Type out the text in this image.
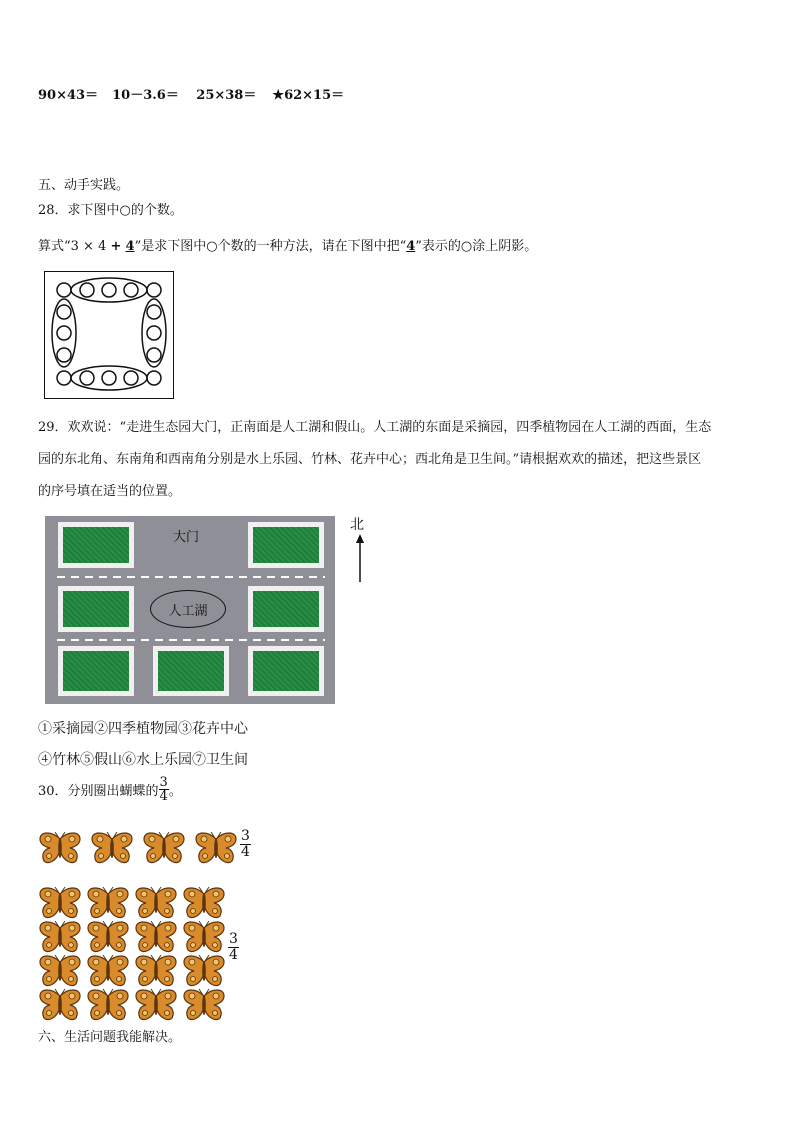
90×43＝ 10－3.6＝ 25×38＝ ★62×15＝
五、动手实践。
28．求下图中○的个数。
算式“3 × 4 + 4”是求下图中○个数的一种方法，请在下图中把“4”表示的○涂上阴影。
29．欢欢说：“走进生态园大门，正南面是人工湖和假山。人工湖的东面是采摘园，四季植物园在人工湖的西面，生态
园的东北角、东南角和西南角分别是水上乐园、竹林、花卉中心；西北角是卫生间。”请根据欢欢的描述，把这些景区
的序号填在适当的位置。
大门
人工湖
北
①采摘园②四季植物园③花卉中心
④竹林⑤假山⑥水上乐园⑦卫生间
30．分别圈出蝴蝶的 $\frac{3}{4}$ 。
$\frac{3}{4}$
$\frac{3}{4}$
六、生活问题我能解决。
